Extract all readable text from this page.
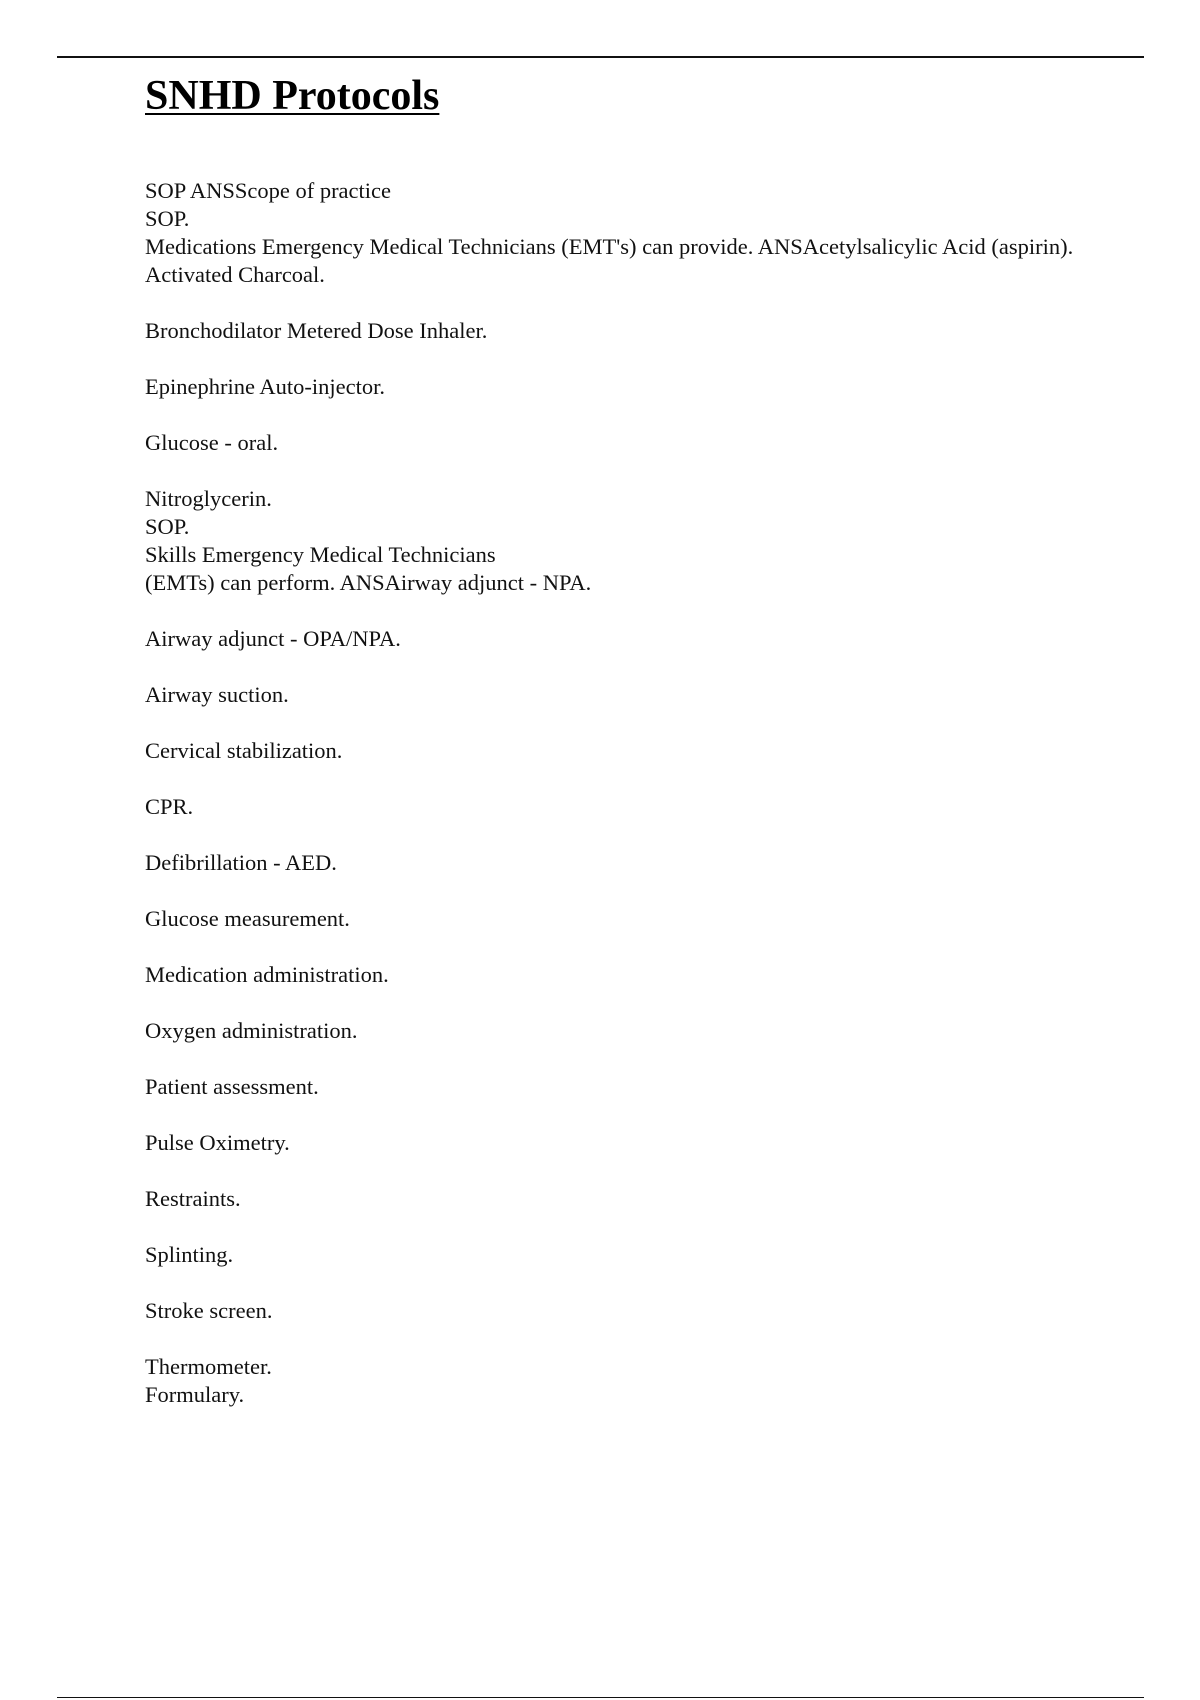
SNHD Protocols
SOP ANSScope of practice
SOP.
Medications Emergency Medical Technicians (EMT's) can provide. ANSAcetylsalicylic Acid (aspirin).
Activated Charcoal.
Bronchodilator Metered Dose Inhaler.
Epinephrine Auto-injector.
Glucose - oral.
Nitroglycerin.
SOP.
Skills Emergency Medical Technicians
(EMTs) can perform. ANSAirway adjunct - NPA.
Airway adjunct - OPA/NPA.
Airway suction.
Cervical stabilization.
CPR.
Defibrillation - AED.
Glucose measurement.
Medication administration.
Oxygen administration.
Patient assessment.
Pulse Oximetry.
Restraints.
Splinting.
Stroke screen.
Thermometer.
Formulary.
